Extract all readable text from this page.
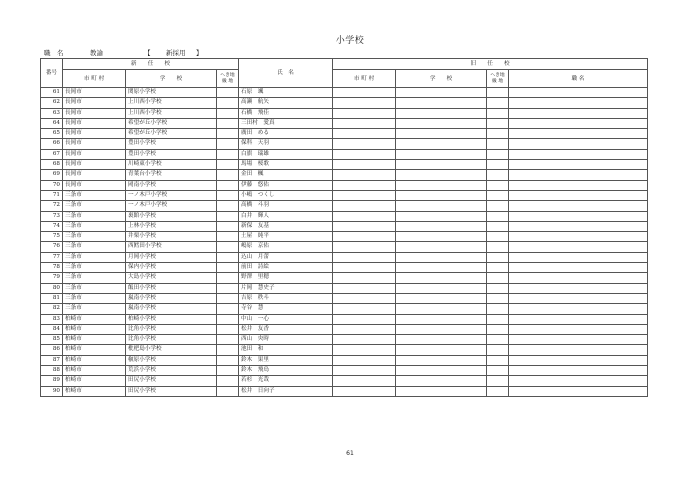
小学校
職　名	教諭	【 新採用 】
番号	新　　任　　校			氏　名	旧　　任　　校			
	市 町 村	学　　校	へき地
級 地		市 町 村	学　　校	へき地
級 地	職 名
61	長岡市	関原小学校		石原　颯				
62	長岡市	上川西小学校		高瀬　航矢				
63	長岡市	上川西小学校		石橋　飛佳				
64	長岡市	希望が丘小学校		三田村　愛真				
65	長岡市	希望が丘小学校		廣田　める				
66	長岡市	豊田小学校		保科　天羽				
67	長岡市	豊田小学校		白旗　瑞雄				
68	長岡市	川崎東小学校		馬場　桜歌				
69	長岡市	青葉台小学校		金田　楓				
70	長岡市	岡南小学校		伊藤　悠佑				
71	三条市	一ノ木戸小学校		小嶋　つくし				
72	三条市	一ノ木戸小学校		高橋　斗羽				
73	三条市	裏館小学校		白井　輝人				
74	三条市	上林小学校		新保　友基				
75	三条市	井栗小学校		土屋　純平				
76	三条市	西鱈田小学校		嶋原　京佑				
77	三条市	月岡小学校		込山　月蕾				
78	三条市	保内小学校		前田　詩絵				
79	三条市	大島小学校		野澤　里穂				
80	三条市	飯田小学校		片岡　慧史子				
81	三条市	嵐南小学校		吉原　秩斗				
82	三条市	嵐南小学校		寺谷　慧				
83	柏崎市	柏崎小学校		中山　一心				
84	柏崎市	比角小学校		松井　友香				
85	柏崎市	比角小学校		西山　央時				
86	柏崎市	枇杷島小学校		池田　和				
87	柏崎市	槇原小学校		鈴木　果里				
88	柏崎市	荒浜小学校		鈴木　飛鳥				
89	柏崎市	田尻小学校		若杉　光哉				
90	柏崎市	田尻小学校		松井　日向子				
61
